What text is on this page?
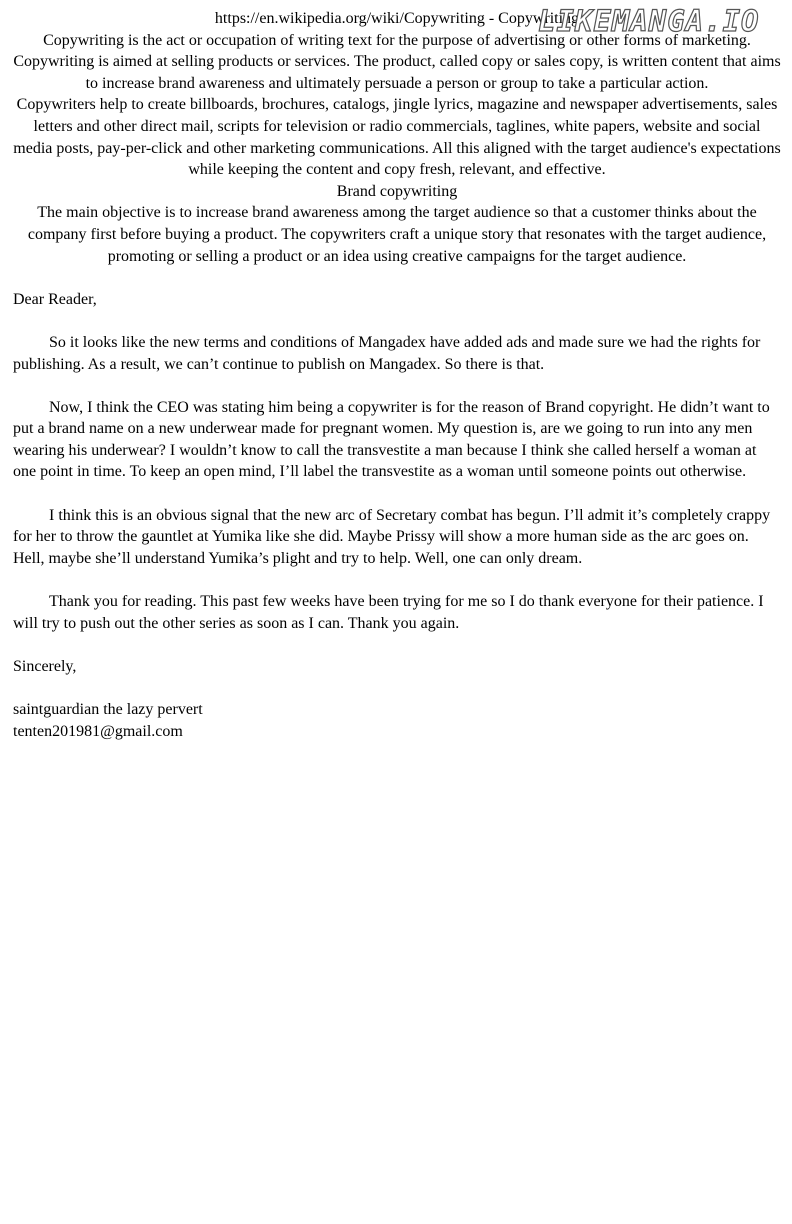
https://en.wikipedia.org/wiki/Copywriting - Copywriting

Copywriting is the act or occupation of writing text for the purpose of advertising or other forms of marketing. Copywriting is aimed at selling products or services. The product, called copy or sales copy, is written content that aims to increase brand awareness and ultimately persuade a person or group to take a particular action.

Copywriters help to create billboards, brochures, catalogs, jingle lyrics, magazine and newspaper advertisements, sales letters and other direct mail, scripts for television or radio commercials, taglines, white papers, website and social media posts, pay-per-click and other marketing communications. All this aligned with the target audience's expectations while keeping the content and copy fresh, relevant, and effective.

Brand copywriting

The main objective is to increase brand awareness among the target audience so that a customer thinks about the company first before buying a product. The copywriters craft a unique story that resonates with the target audience, promoting or selling a product or an idea using creative campaigns for the target audience.

Dear Reader,

So it looks like the new terms and conditions of Mangadex have added ads and made sure we had the rights for publishing. As a result, we can’t continue to publish on Mangadex. So there is that.

Now, I think the CEO was stating him being a copywriter is for the reason of Brand copyright. He didn’t want to put a brand name on a new underwear made for pregnant women. My question is, are we going to run into any men wearing his underwear? I wouldn’t know to call the transvestite a man because I think she called herself a woman at one point in time. To keep an open mind, I’ll label the transvestite as a woman until someone points out otherwise.

I think this is an obvious signal that the new arc of Secretary combat has begun. I’ll admit it’s completely crappy for her to throw the gauntlet at Yumika like she did. Maybe Prissy will show a more human side as the arc goes on. Hell, maybe she’ll understand Yumika’s plight and try to help. Well, one can only dream.

Thank you for reading. This past few weeks have been trying for me so I do thank everyone for their patience. I will try to push out the other series as soon as I can. Thank you again.

Sincerely,

saintguardian the lazy pervert

tenten201981@gmail.com

LIKEMANGA.IO
